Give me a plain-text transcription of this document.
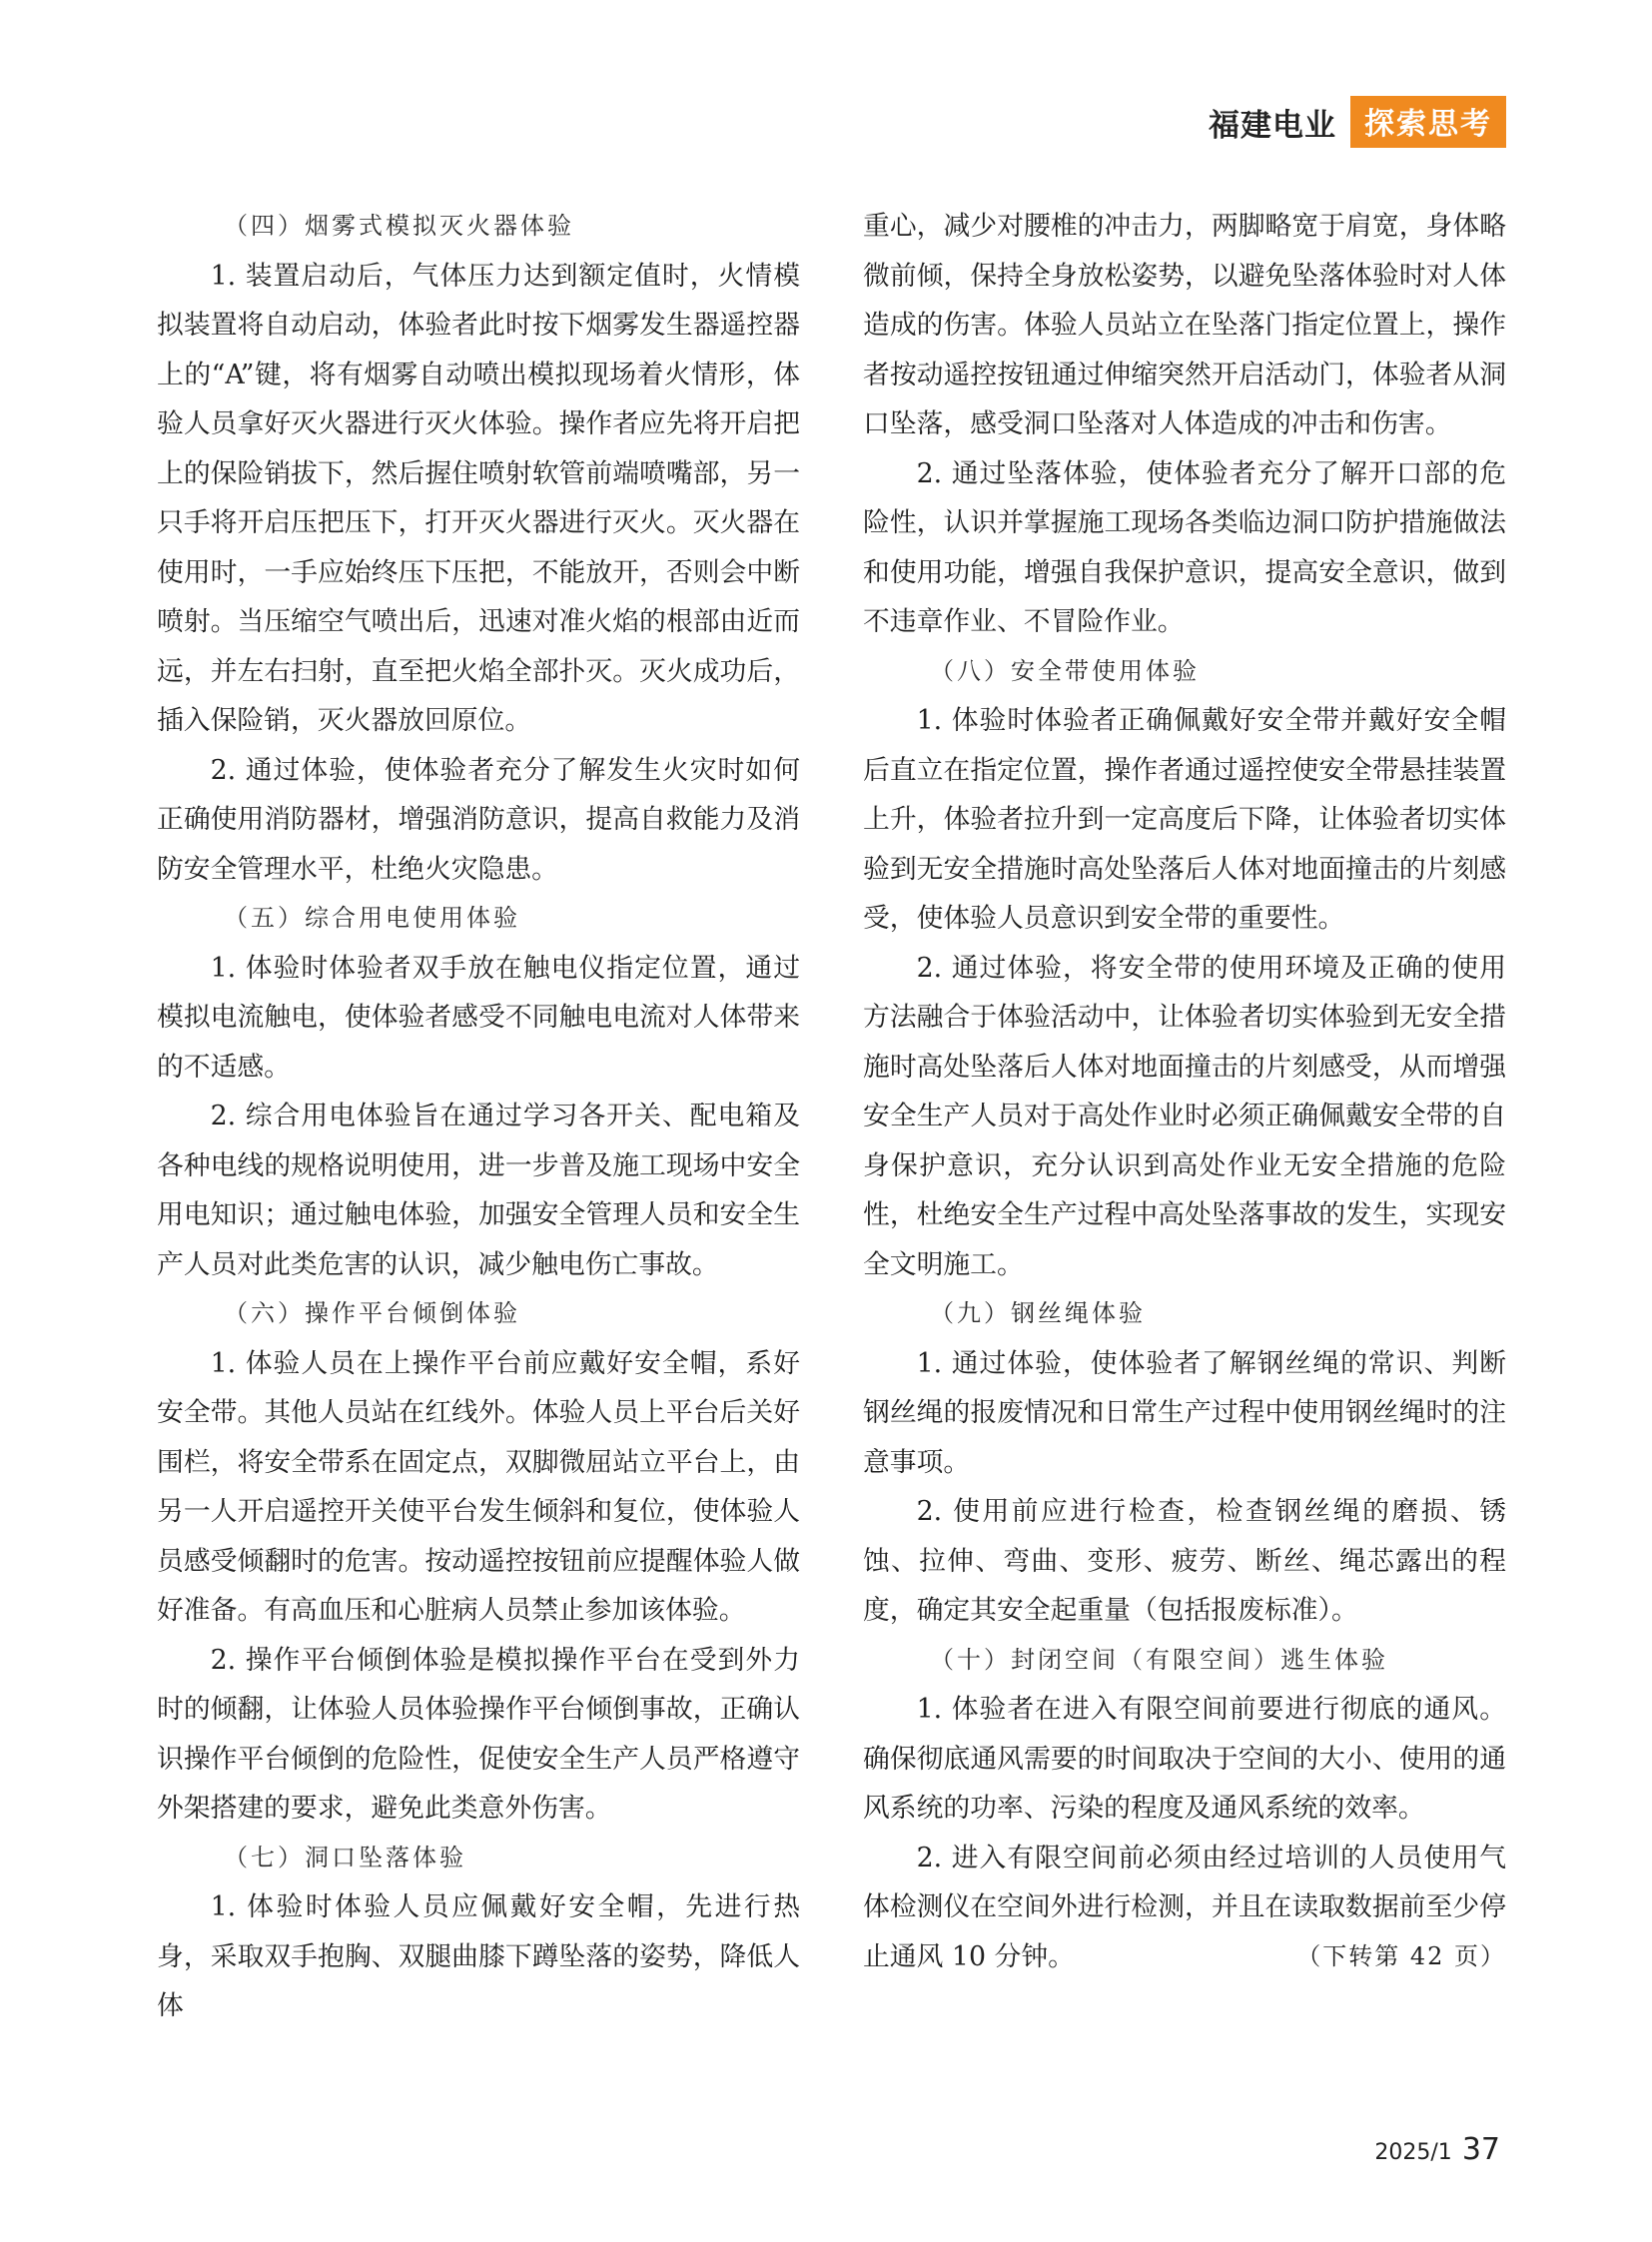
福建电业 探索思考
（四）烟雾式模拟灭火器体验

1. 装置启动后，气体压力达到额定值时，火情模拟装置将自动启动，体验者此时按下烟雾发生器遥控器上的“A”键，将有烟雾自动喷出模拟现场着火情形，体验人员拿好灭火器进行灭火体验。操作者应先将开启把上的保险销拔下，然后握住喷射软管前端喷嘴部，另一只手将开启压把压下，打开灭火器进行灭火。灭火器在使用时，一手应始终压下压把，不能放开，否则会中断喷射。当压缩空气喷出后，迅速对准火焰的根部由近而远，并左右扫射，直至把火焰全部扑灭。灭火成功后，插入保险销，灭火器放回原位。

2. 通过体验，使体验者充分了解发生火灾时如何正确使用消防器材，增强消防意识，提高自救能力及消防安全管理水平，杜绝火灾隐患。

（五）综合用电使用体验

1. 体验时体验者双手放在触电仪指定位置，通过模拟电流触电，使体验者感受不同触电电流对人体带来的不适感。

2. 综合用电体验旨在通过学习各开关、配电箱及各种电线的规格说明使用，进一步普及施工现场中安全用电知识；通过触电体验，加强安全管理人员和安全生产人员对此类危害的认识，减少触电伤亡事故。

（六）操作平台倾倒体验

1. 体验人员在上操作平台前应戴好安全帽，系好安全带。其他人员站在红线外。体验人员上平台后关好围栏，将安全带系在固定点，双脚微屈站立平台上，由另一人开启遥控开关使平台发生倾斜和复位，使体验人员感受倾翻时的危害。按动遥控按钮前应提醒体验人做好准备。有高血压和心脏病人员禁止参加该体验。

2. 操作平台倾倒体验是模拟操作平台在受到外力时的倾翻，让体验人员体验操作平台倾倒事故，正确认识操作平台倾倒的危险性，促使安全生产人员严格遵守外架搭建的要求，避免此类意外伤害。

（七）洞口坠落体验

1. 体验时体验人员应佩戴好安全帽，先进行热身，采取双手抱胸、双腿曲膝下蹲坠落的姿势，降低人体

重心，减少对腰椎的冲击力，两脚略宽于肩宽，身体略微前倾，保持全身放松姿势，以避免坠落体验时对人体造成的伤害。体验人员站立在坠落门指定位置上，操作者按动遥控按钮通过伸缩突然开启活动门，体验者从洞口坠落，感受洞口坠落对人体造成的冲击和伤害。

2. 通过坠落体验，使体验者充分了解开口部的危险性，认识并掌握施工现场各类临边洞口防护措施做法和使用功能，增强自我保护意识，提高安全意识，做到不违章作业、不冒险作业。

（八）安全带使用体验

1. 体验时体验者正确佩戴好安全带并戴好安全帽后直立在指定位置，操作者通过遥控使安全带悬挂装置上升，体验者拉升到一定高度后下降，让体验者切实体验到无安全措施时高处坠落后人体对地面撞击的片刻感受，使体验人员意识到安全带的重要性。

2. 通过体验，将安全带的使用环境及正确的使用方法融合于体验活动中，让体验者切实体验到无安全措施时高处坠落后人体对地面撞击的片刻感受，从而增强安全生产人员对于高处作业时必须正确佩戴安全带的自身保护意识，充分认识到高处作业无安全措施的危险性，杜绝安全生产过程中高处坠落事故的发生，实现安全文明施工。

（九）钢丝绳体验

1. 通过体验，使体验者了解钢丝绳的常识、判断钢丝绳的报废情况和日常生产过程中使用钢丝绳时的注意事项。

2. 使用前应进行检查，检查钢丝绳的磨损、锈蚀、拉伸、弯曲、变形、疲劳、断丝、绳芯露出的程度，确定其安全起重量（包括报废标准）。

（十）封闭空间（有限空间）逃生体验

1. 体验者在进入有限空间前要进行彻底的通风。确保彻底通风需要的时间取决于空间的大小、使用的通风系统的功率、污染的程度及通风系统的效率。

2. 进入有限空间前必须由经过培训的人员使用气体检测仪在空间外进行检测，并且在读取数据前至少停止通风 10 分钟。	（下转第 42 页）

2025/1 37
